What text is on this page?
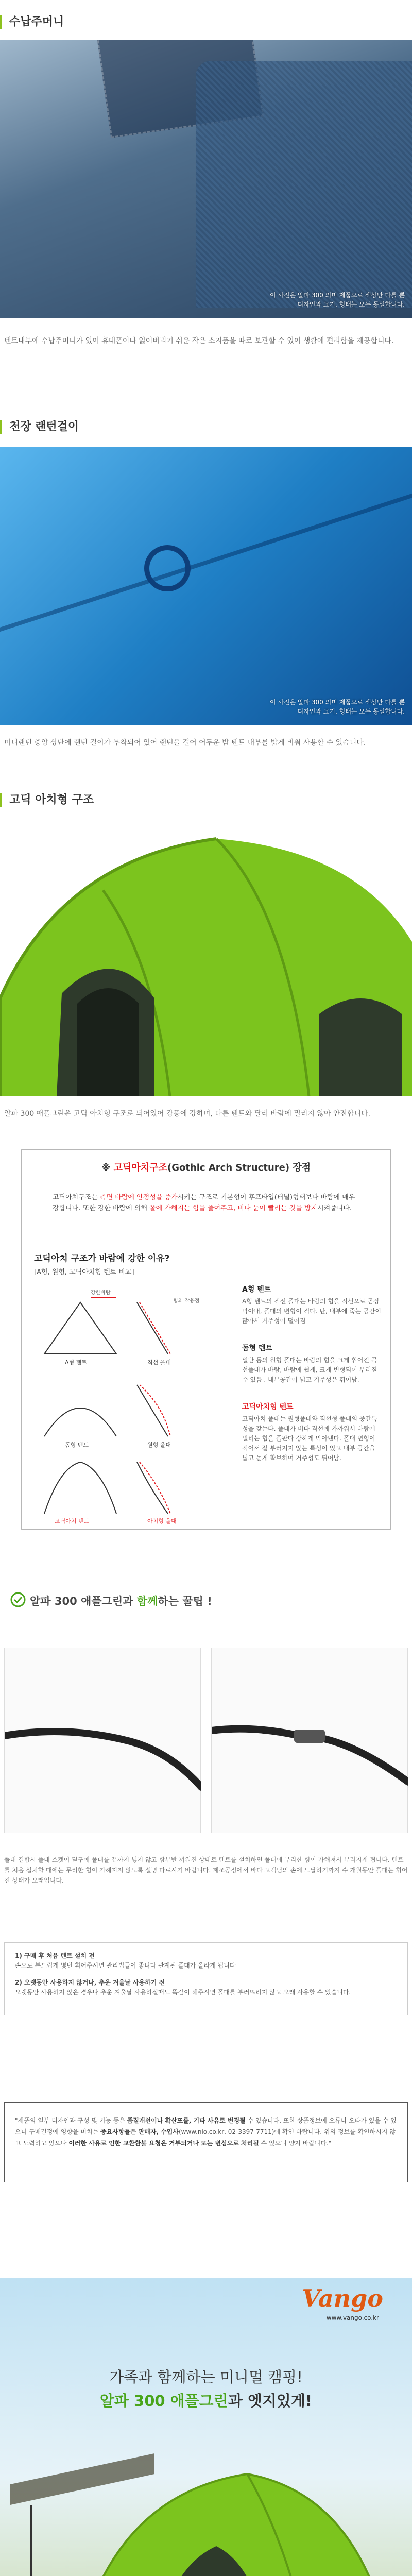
수납주머니
이 사진은 알파 300 의미 제품으로 색상만 다를 뿐
디자인과 크기, 형태는 모두 동일합니다.
텐트내부에 수납주머니가 있어 휴대폰이나 잃어버리기 쉬운 작은 소지품을 따로 보관할 수 있어 생활에 편리함을 제공합니다.
천장 랜턴걸이
이 사진은 알파 300 의미 제품으로 색상만 다를 뿐
디자인과 크기, 형태는 모두 동일합니다.
미니랜턴 중앙 상단에 랜턴 걸이가 부착되어 있어 랜턴을 걸어 어두운 밤 텐트 내부를 밝게 비춰 사용할 수 있습니다.
고딕 아치형 구조
알파 300 애플그린은 고딕 아치형 구조로 되어있어 강풍에 강하며, 다른 텐트와 달리 바람에 밀리지 않아 안전합니다.
※ 고딕아치구조(Gothic Arch Structure) 장점
고딕아치구조는 측면 바람에 안정성을 증가시키는 구조로 기본형이 후프타입(터널)형태보다 바람에 매우 강합니다. 또한 강한 바람에 의해 폴에 가해지는 힘을 줄여주고, 비나 눈이 빨리는 것을 방지시켜줍니다.
고딕아치 구조가 바람에 강한 이유?
[A형, 원형, 고딕아치형 텐트 비교]
강한바람
A형 텐트
힘의 작용점
직선 올대
돔형 텐트	원형 올대
고딕아치 텐트	아치형 올대
A형 텐트

A형 텐트의 직선 폴대는 바람의 힘을 직선으로 곧장 막아내, 폴대의 변형이 적다. 단, 내부에 죽는 공간이 많아서 거주성이 떨어짐

돔형 텐트

일반 돔의 원형 폴대는 바람의 힘을 크게 휘어진 곡선폴대가 바람, 바람에 쉽게, 크게 변형되어 부러질 수 있음 . 내부공간이 넓고 거주성은 뛰어남.

고딕아치형 텐트

고딕아치 폴대는 원형폴대와 직선형 폴대의 중간특성을 갖는다. 폴대가 비다 직선에 가까워서 바람에 밀리는 힘을 폴판다 강하게 막아낸다. 폴대 변형이 적어서 잘 부러지지 않는 특성이 있고 내부 공간을 넓고 높게 확보하여 거주성도 뛰어남.

알파 300 애플그린과 함께하는 꿀팁 !
폴대 결합시 폴대 소켓이 딛구에 폴대를 끝까지 넣지 않고 함부반 끼워진 상태로 텐트를 설치하면 폴대에 무리한 힘이 가해져서 부러지게 됩니다. 텐트를 처음 설치할 때에는 무리한 힘이 가해지지 않도록 설명 다르시기 바랍니다. 제조공정에서 바다 고객님의 손에 도달하기까지 수 개월동안 폴대는 휘어진 상태가 오래입니다.
1) 구매 후 처음 텐트 설치 전
손으로 부드럽게 몇번 휘어주시면 관리법들이 좋니다 관계된 폴대가 올라게 됩니다
2) 오랫동안 사용하지 않거나, 추운 겨울날 사용하기 전
오랫동안 사용하지 않은 경우나 추운 겨울날 사용하실때도 똑같이 헤주시면 폴대를 부러뜨리지 않고 오래 사용할 수 있습니다.
"제품의 일부 디자인과 구성 및 기능 등은 품질개선이나 확산또를, 기타 사유로 변경될 수 있습니다. 또한 상품정보에 오류나 오타가 있을 수 있으니 구매결정에 영향을 미치는 중요사항들은 판매자, 수입사(www.nio.co.kr, 02-3397-7711)에 확인 바랍니다. 위의 정보를 확인하시지 않고 노력하고 있으나 이러한 사유로 인한 교환환불 요청은 거부되거나 또는 변심으로 처리될 수 있으니 양지 바랍니다."
Vango
www.vango.co.kr
가족과 함께하는 미니멀 캠핑!
알파 300 애플그린과 엣지있게!
